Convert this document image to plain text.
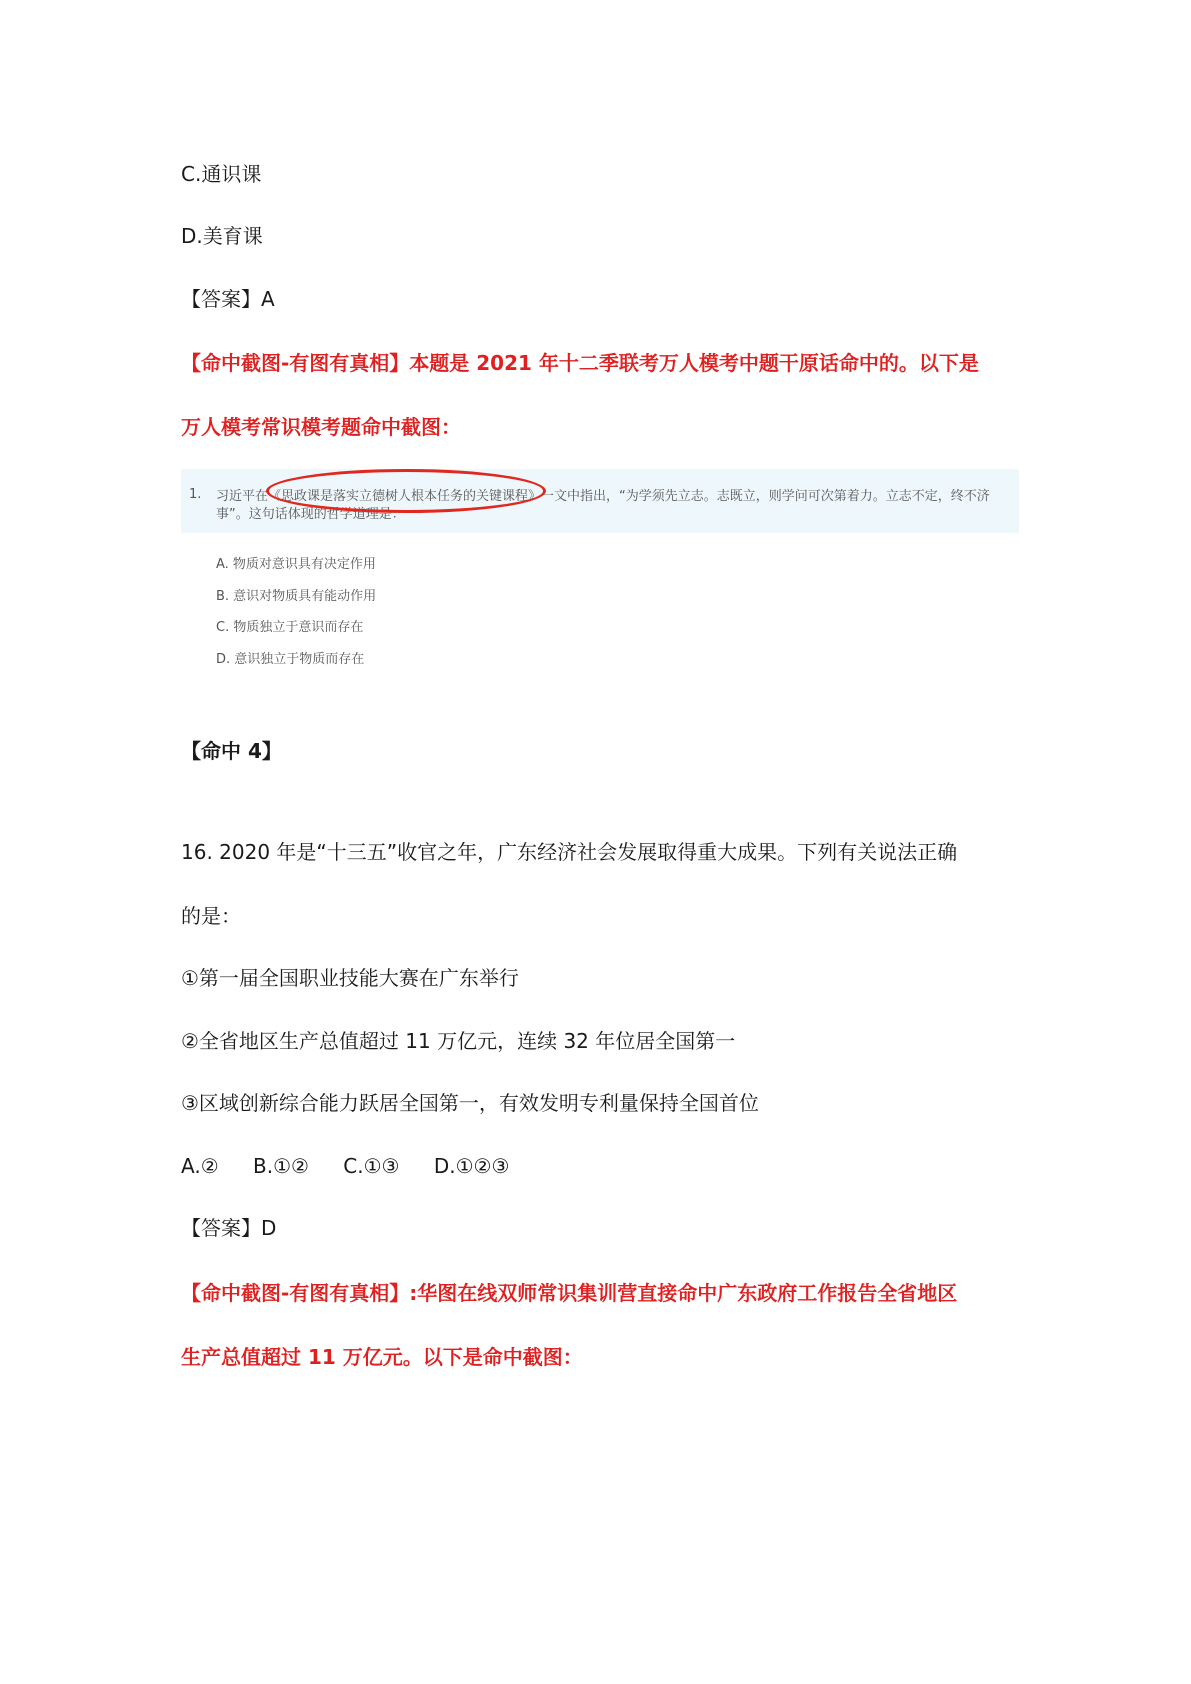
C.通识课
D.美育课
【答案】A
【命中截图-有图有真相】本题是 2021 年十二季联考万人模考中题干原话命中的。以下是
万人模考常识模考题命中截图：
1. 习近平在《思政课是落实立德树人根本任务的关键课程》一文中指出，“为学须先立志。志既立，则学问可次第着力。立志不定，终不济
事”。这句话体现的哲学道理是：
A. 物质对意识具有决定作用
B. 意识对物质具有能动作用
C. 物质独立于意识而存在
D. 意识独立于物质而存在
【命中 4】
16. 2020 年是“十三五”收官之年，广东经济社会发展取得重大成果。下列有关说法正确
的是：
①第一届全国职业技能大赛在广东举行
②全省地区生产总值超过 11 万亿元，连续 32 年位居全国第一
③区域创新综合能力跃居全国第一，有效发明专利量保持全国首位
A.② B.①② C.①③ D.①②③
【答案】D
【命中截图-有图有真相】:华图在线双师常识集训营直接命中广东政府工作报告全省地区
生产总值超过 11 万亿元。以下是命中截图：
